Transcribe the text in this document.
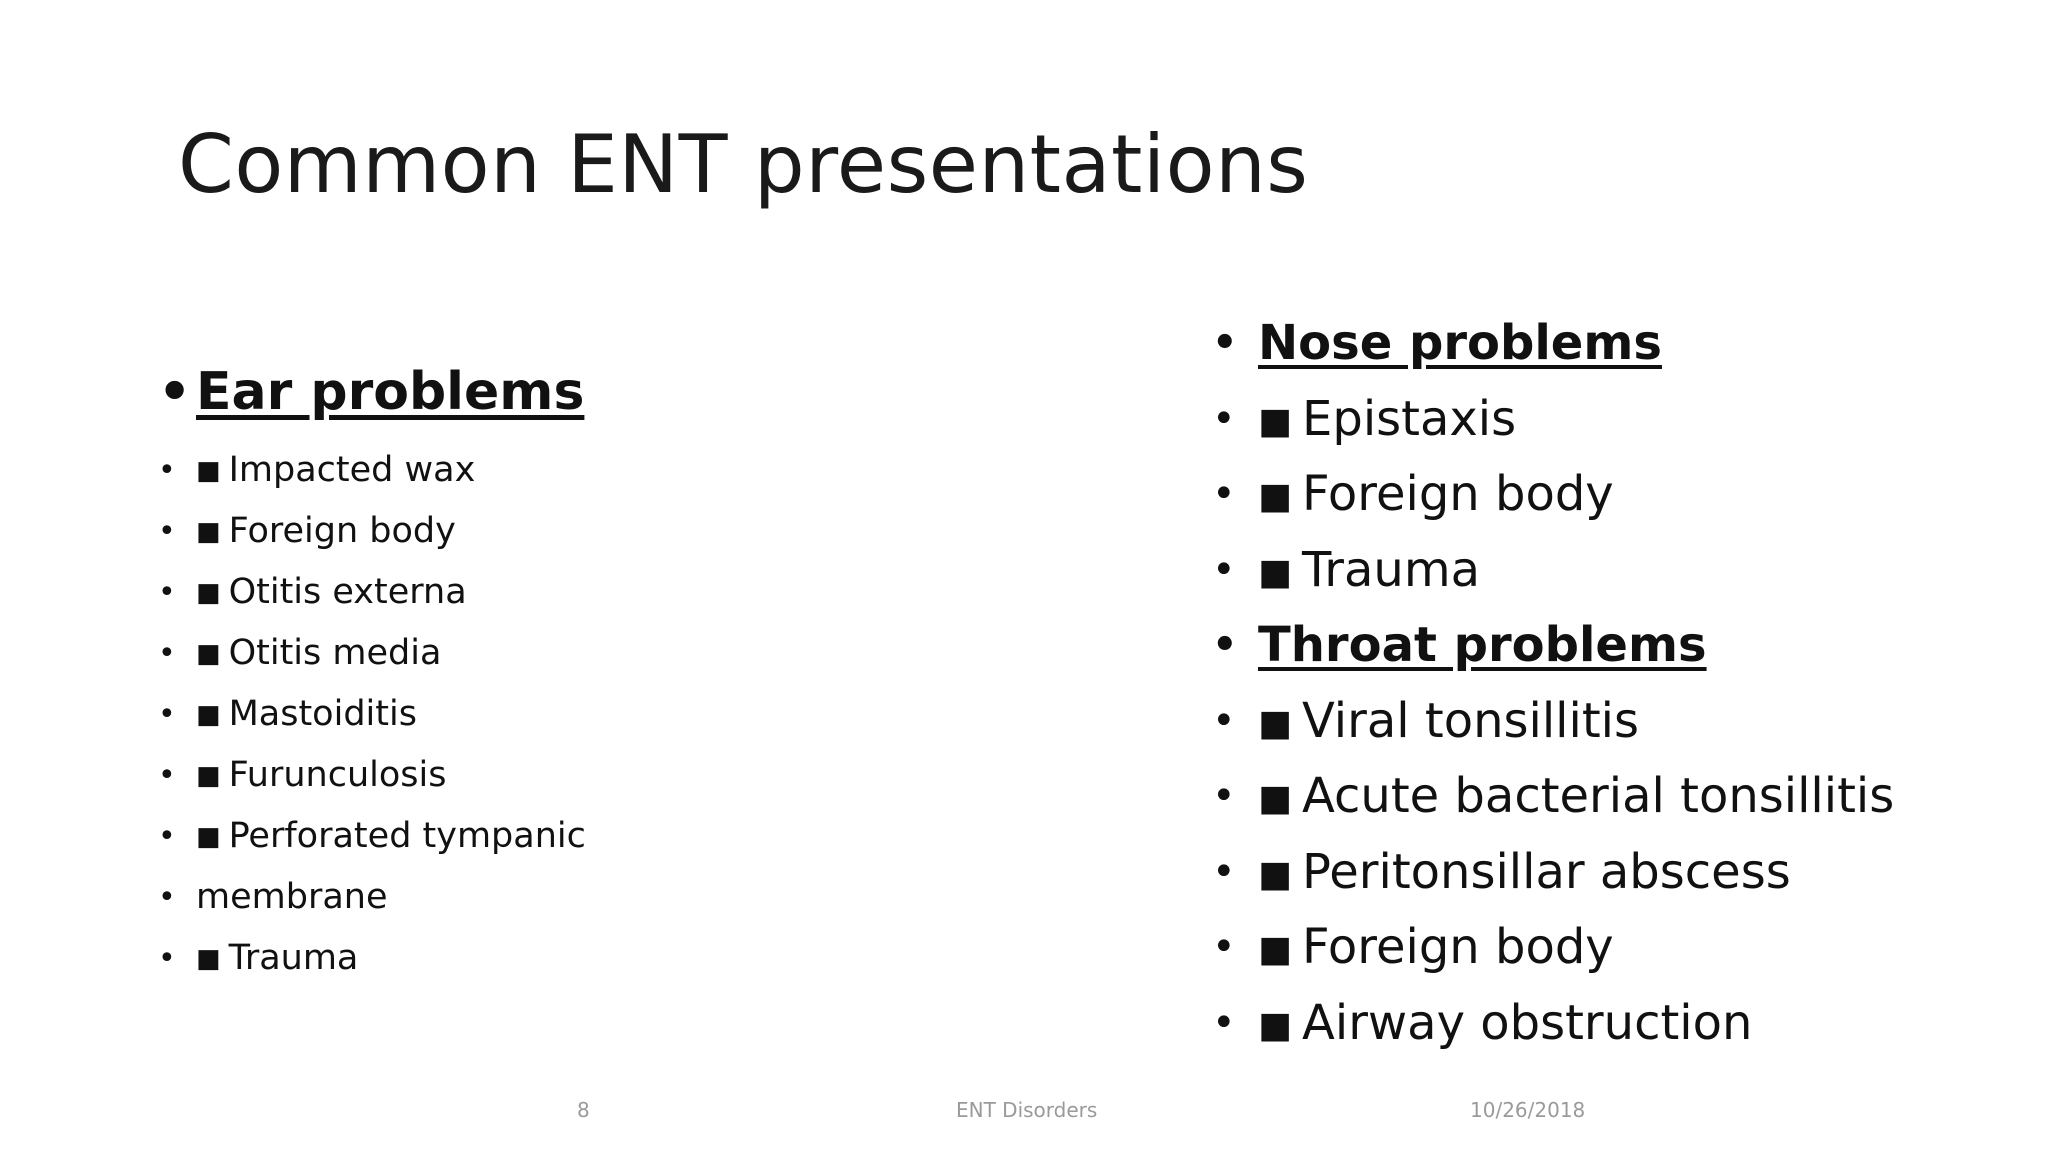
Common ENT presentations
• Ear problems
• ■ Impacted wax
• ■ Foreign body
• ■ Otitis externa
• ■ Otitis media
• ■ Mastoiditis
• ■ Furunculosis
• ■ Perforated tympanic
• membrane
• ■ Trauma
• Nose problems
• ■ Epistaxis
• ■ Foreign body
• ■ Trauma
• Throat problems
• ■ Viral tonsillitis
• ■ Acute bacterial tonsillitis
• ■ Peritonsillar abscess
• ■ Foreign body
• ■ Airway obstruction
8	ENT Disorders	10/26/2018
